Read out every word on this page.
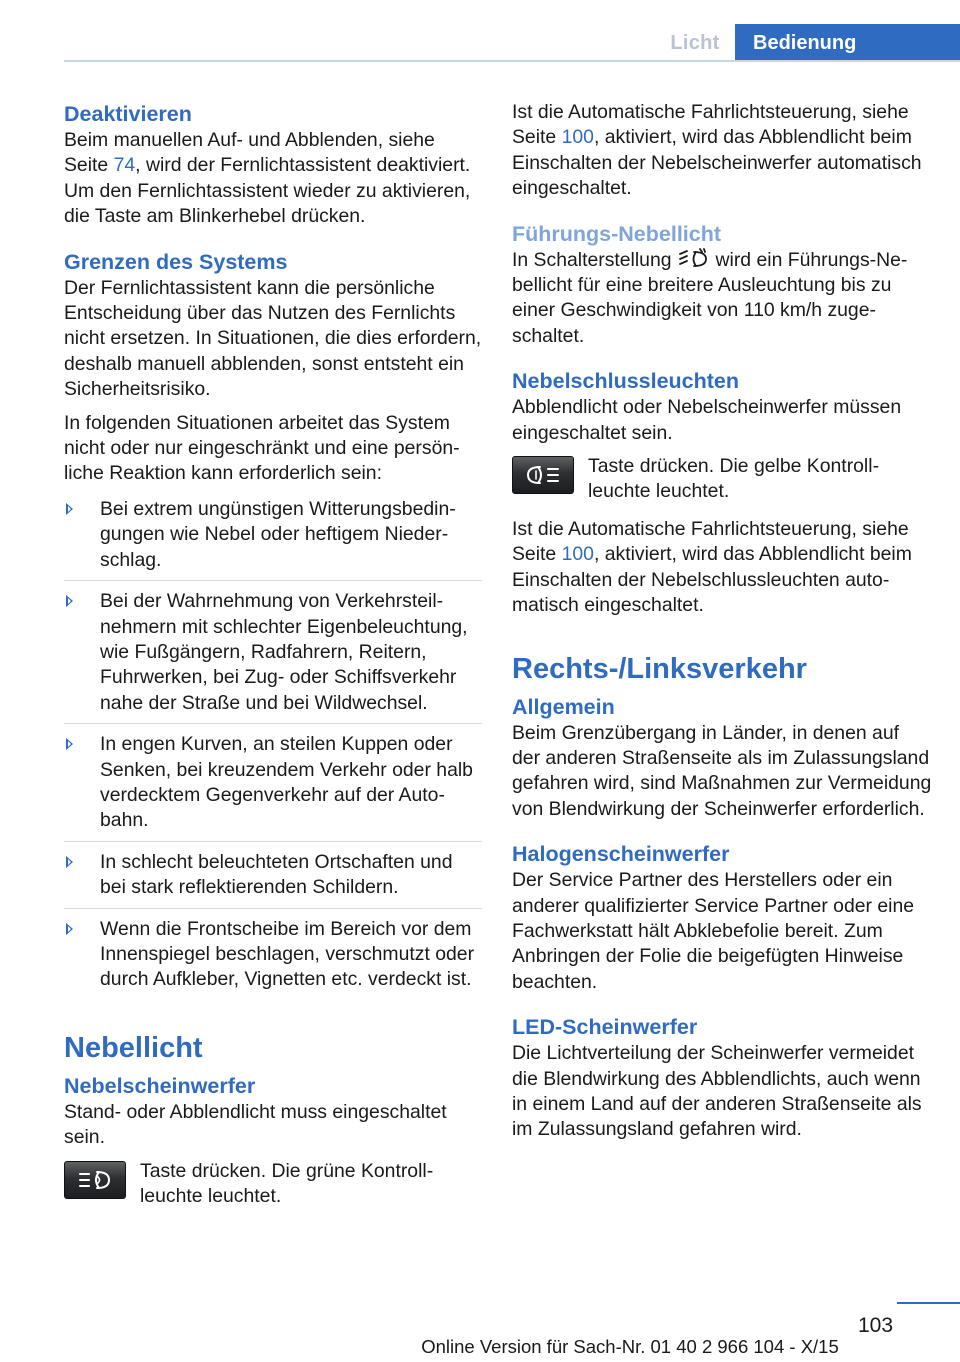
Licht	Bedienung
Deaktivieren

Beim manuellen Auf- und Abblenden, siehe Seite 74, wird der Fernlichtassistent deaktiviert. Um den Fernlichtassistent wieder zu aktivieren, die Taste am Blinkerhebel drücken.

Grenzen des Systems

Der Fernlichtassistent kann die persönliche Entscheidung über das Nutzen des Fernlichts nicht ersetzen. In Situationen, die dies erfordern, deshalb manuell abblenden, sonst entsteht ein Sicherheitsrisiko.

In folgenden Situationen arbeitet das System nicht oder nur eingeschränkt und eine persönliche Reaktion kann erforderlich sein:

Bei extrem ungünstigen Witterungsbedingungen wie Nebel oder heftigem Niederschlag.
Bei der Wahrnehmung von Verkehrsteilnehmern mit schlechter Eigenbeleuchtung, wie Fußgängern, Radfahrern, Reitern, Fuhrwerken, bei Zug- oder Schiffsverkehr nahe der Straße und bei Wildwechsel.
In engen Kurven, an steilen Kuppen oder Senken, bei kreuzendem Verkehr oder halb verdecktem Gegenverkehr auf der Autobahn.
In schlecht beleuchteten Ortschaften und bei stark reflektierenden Schildern.
Wenn die Frontscheibe im Bereich vor dem Innenspiegel beschlagen, verschmutzt oder durch Aufkleber, Vignetten etc. verdeckt ist.
Nebellicht
Nebelscheinwerfer

Stand- oder Abblendlicht muss eingeschaltet sein.

Taste drücken. Die grüne Kontrollleuchte leuchtet.

Ist die Automatische Fahrlichtsteuerung, siehe Seite 100, aktiviert, wird das Abblendlicht beim Einschalten der Nebelscheinwerfer automatisch eingeschaltet.

Führungs-Nebellicht

In Schalterstellung wird ein Führungs-Nebellicht für eine breitere Ausleuchtung bis zu einer Geschwindigkeit von 110 km/h zugeschaltet.

Nebelschlussleuchten

Abblendlicht oder Nebelscheinwerfer müssen eingeschaltet sein.

Taste drücken. Die gelbe Kontrollleuchte leuchtet.

Ist die Automatische Fahrlichtsteuerung, siehe Seite 100, aktiviert, wird das Abblendlicht beim Einschalten der Nebelschlussleuchten automatisch eingeschaltet.

Rechts-/Linksverkehr
Allgemein

Beim Grenzübergang in Länder, in denen auf der anderen Straßenseite als im Zulassungsland gefahren wird, sind Maßnahmen zur Vermeidung von Blendwirkung der Scheinwerfer erforderlich.

Halogenscheinwerfer

Der Service Partner des Herstellers oder ein anderer qualifizierter Service Partner oder eine Fachwerkstatt hält Abklebefolie bereit. Zum Anbringen der Folie die beigefügten Hinweise beachten.

LED-Scheinwerfer

Die Lichtverteilung der Scheinwerfer vermeidet die Blendwirkung des Abblendlichts, auch wenn in einem Land auf der anderen Straßenseite als im Zulassungsland gefahren wird.

103
Online Version für Sach-Nr. 01 40 2 966 104 - X/15
